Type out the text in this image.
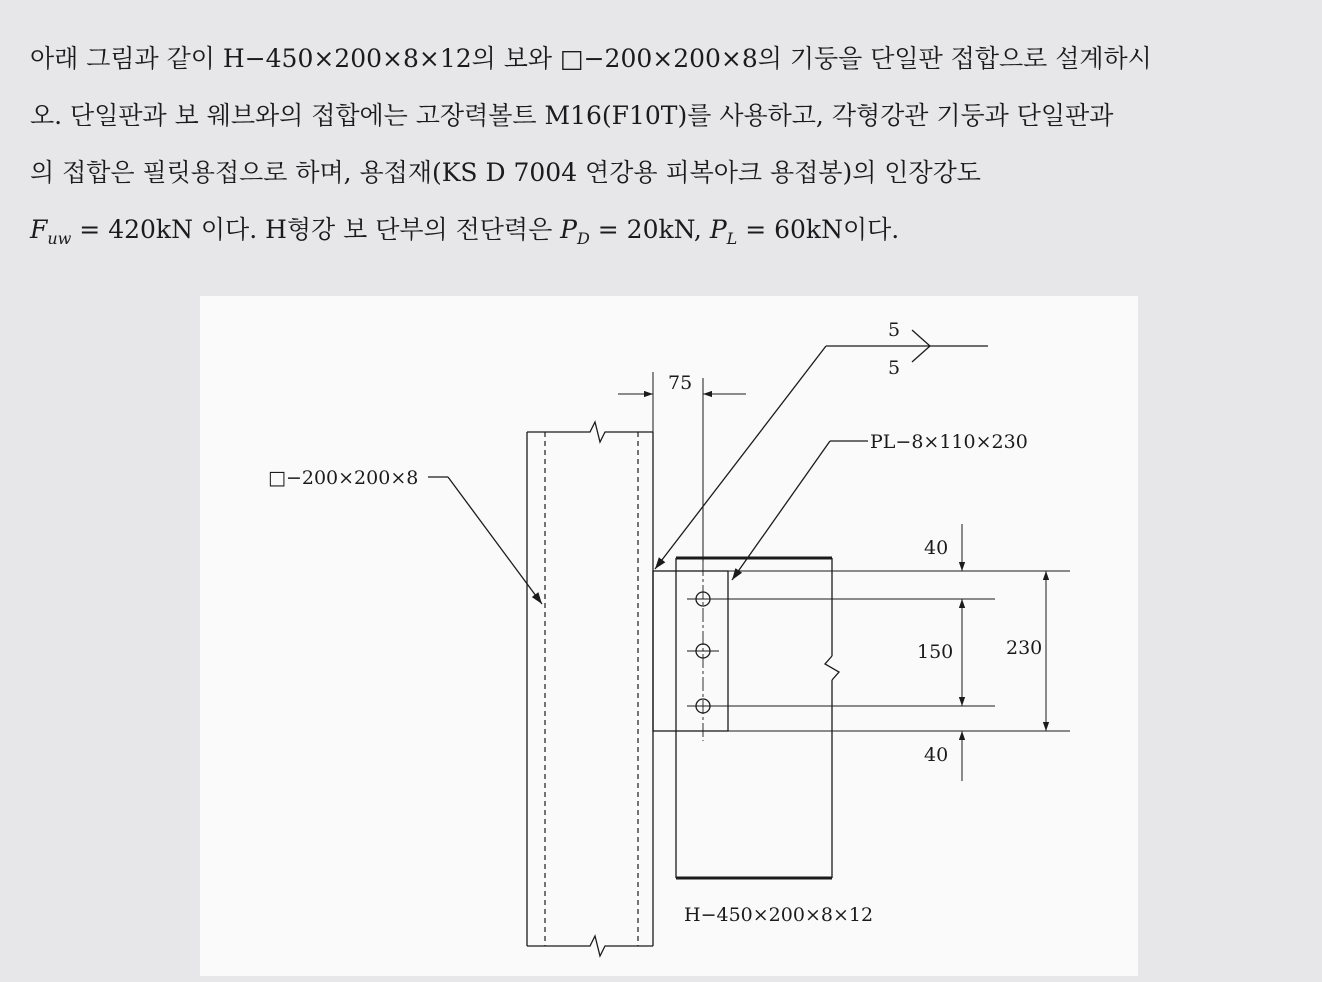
아래 그림과 같이 H−450×200×8×12의 보와 □−200×200×8의 기둥을 단일판 접합으로 설계하시

오. 단일판과 보 웨브와의 접합에는 고장력볼트 M16(F10T)를 사용하고, 각형강관 기둥과 단일판과

의 접합은 필릿용접으로 하며, 용접재(KS D 7004 연강용 피복아크 용접봉)의 인장강도

$F_{uw} = 420kN$ 이다. H형강 보 단부의 전단력은 $P_D = 20kN$, $P_L = 60kN$이다.

75
5
5
PL−8×110×230
□−200×200×8
H−450×200×8×12
40
150
40
230
